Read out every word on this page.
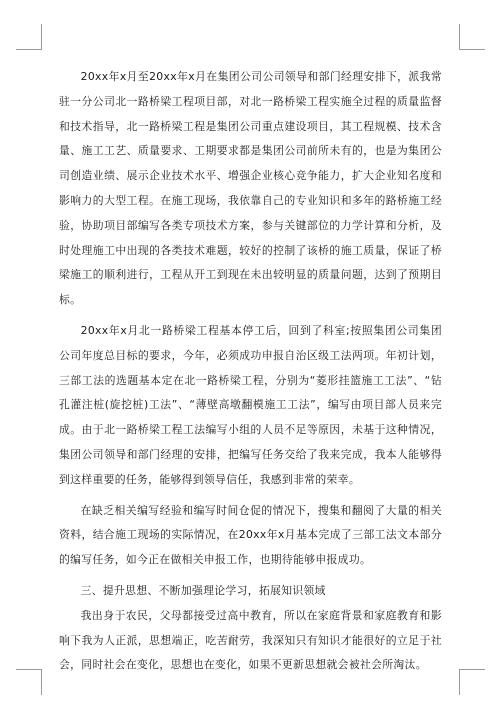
20xx年x月至20xx年x月在集团公司公司领导和部门经理安排下，派我常驻一分公司北一路桥梁工程项目部，对北一路桥梁工程实施全过程的质量监督和技术指导，北一路桥梁工程是集团公司重点建设项目，其工程规模、技术含量、施工工艺、质量要求、工期要求都是集团公司前所未有的，也是为集团公司创造业绩、展示企业技术水平、增强企业核心竞争能力，扩大企业知名度和影响力的大型工程。在施工现场，我依靠自己的专业知识和多年的路桥施工经验，协助项目部编写各类专项技术方案，参与关键部位的力学计算和分析，及时处理施工中出现的各类技术难题，较好的控制了该桥的施工质量，保证了桥梁施工的顺利进行，工程从开工到现在未出较明显的质量问题，达到了预期目标。

20xx年x月北一路桥梁工程基本停工后，回到了科室;按照集团公司集团公司年度总目标的要求，今年，必须成功申报自治区级工法两项。年初计划，三部工法的选题基本定在北一路桥梁工程，分别为“菱形挂篮施工工法”、“钻孔灌注桩(旋挖桩)工法”、“薄壁高墩翻模施工工法”，编写由项目部人员来完成。由于北一路桥梁工程工法编写小组的人员不足等原因，未基于这种情况，集团公司领导和部门经理的安排，把编写任务交给了我来完成，我本人能够得到这样重要的任务，能够得到领导信任，我感到非常的荣幸。

在缺乏相关编写经验和编写时间仓促的情况下，搜集和翻阅了大量的相关资料，结合施工现场的实际情况，在20xx年x月基本完成了三部工法文本部分的编写任务，如今正在做相关申报工作，也期待能够申报成功。

三、提升思想、不断加强理论学习，拓展知识领域

我出身于农民，父母都接受过高中教育，所以在家庭背景和家庭教育和影响下我为人正派，思想端正，吃苦耐劳，我深知只有知识才能很好的立足于社会，同时社会在变化，思想也在变化，如果不更新思想就会被社会所淘汰。
